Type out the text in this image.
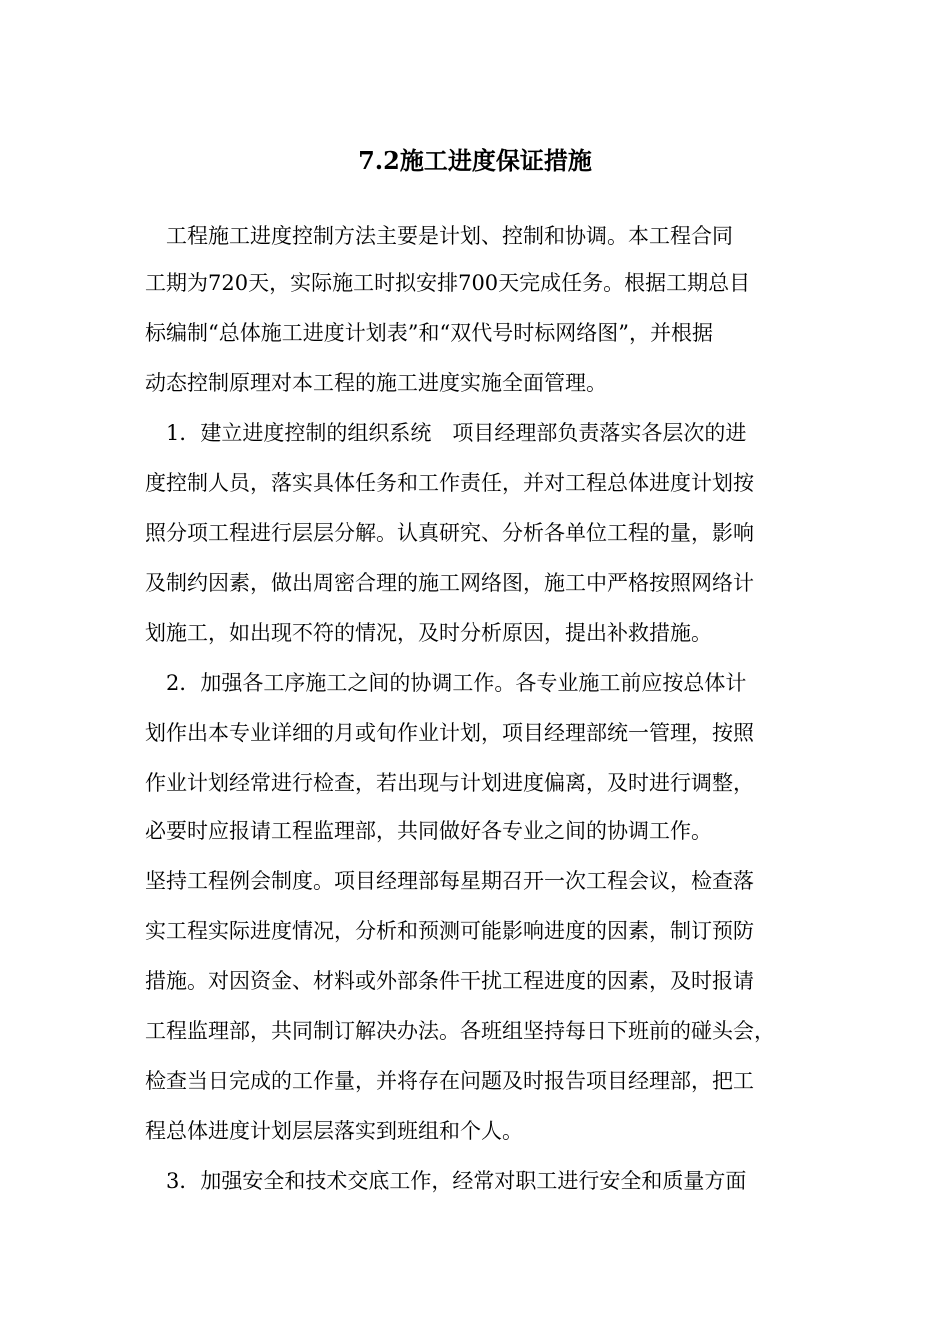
7.2施工进度保证措施
　工程施工进度控制方法主要是计划、控制和协调。本工程合同
工期为720天，实际施工时拟安排700天完成任务。根据工期总目
标编制“总体施工进度计划表”和“双代号时标网络图”，并根据
动态控制原理对本工程的施工进度实施全面管理。
　1．建立进度控制的组织系统　项目经理部负责落实各层次的进
度控制人员，落实具体任务和工作责任，并对工程总体进度计划按
照分项工程进行层层分解。认真研究、分析各单位工程的量，影响
及制约因素，做出周密合理的施工网络图，施工中严格按照网络计
划施工，如出现不符的情况，及时分析原因，提出补救措施。
　2．加强各工序施工之间的协调工作。各专业施工前应按总体计
划作出本专业详细的月或旬作业计划，项目经理部统一管理，按照
作业计划经常进行检查，若出现与计划进度偏离，及时进行调整，
必要时应报请工程监理部，共同做好各专业之间的协调工作。
坚持工程例会制度。项目经理部每星期召开一次工程会议，检查落
实工程实际进度情况，分析和预测可能影响进度的因素，制订预防
措施。对因资金、材料或外部条件干扰工程进度的因素，及时报请
工程监理部，共同制订解决办法。各班组坚持每日下班前的碰头会，
检查当日完成的工作量，并将存在问题及时报告项目经理部，把工
程总体进度计划层层落实到班组和个人。
　3．加强安全和技术交底工作，经常对职工进行安全和质量方面
